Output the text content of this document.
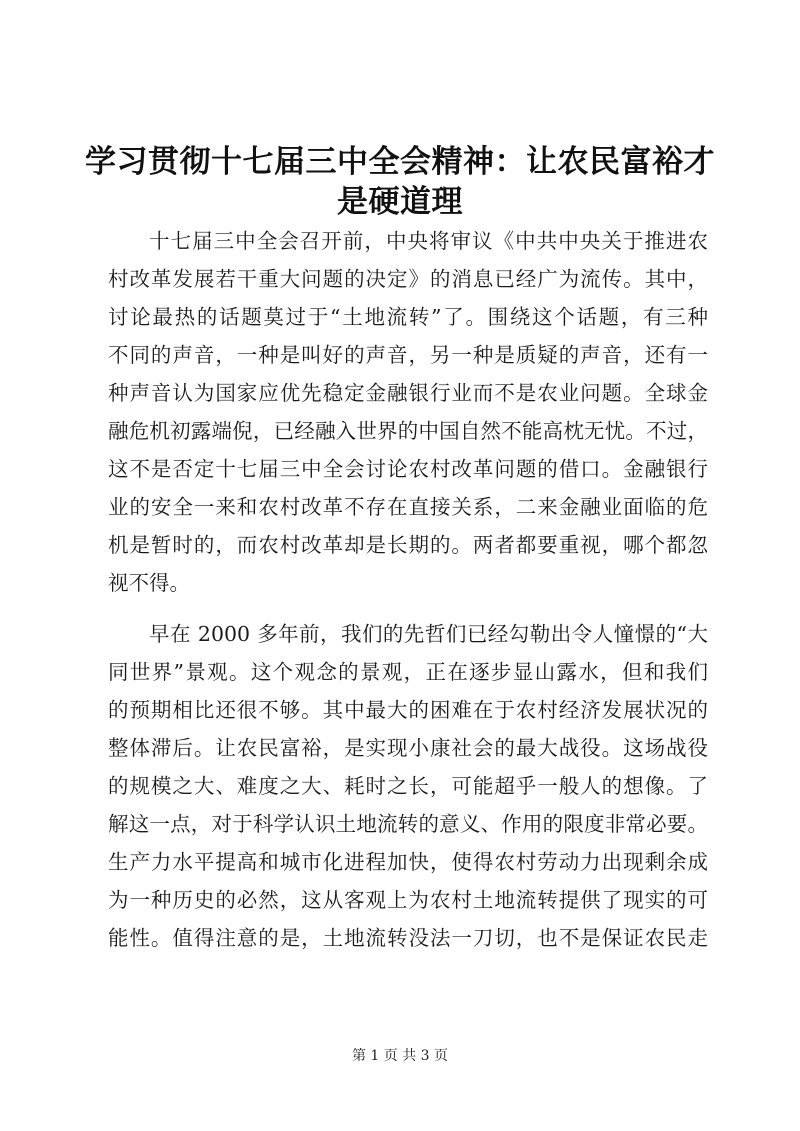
学习贯彻十七届三中全会精神：让农民富裕才
是硬道理
十七届三中全会召开前，中央将审议《中共中央关于推进农
村改革发展若干重大问题的决定》的消息已经广为流传。其中，
讨论最热的话题莫过于“土地流转”了。围绕这个话题，有三种
不同的声音，一种是叫好的声音，另一种是质疑的声音，还有一
种声音认为国家应优先稳定金融银行业而不是农业问题。全球金
融危机初露端倪，已经融入世界的中国自然不能高枕无忧。不过，
这不是否定十七届三中全会讨论农村改革问题的借口。金融银行
业的安全一来和农村改革不存在直接关系，二来金融业面临的危
机是暂时的，而农村改革却是长期的。两者都要重视，哪个都忽
视不得。
早在 2000 多年前，我们的先哲们已经勾勒出令人憧憬的“大
同世界”景观。这个观念的景观，正在逐步显山露水，但和我们
的预期相比还很不够。其中最大的困难在于农村经济发展状况的
整体滞后。让农民富裕，是实现小康社会的最大战役。这场战役
的规模之大、难度之大、耗时之长，可能超乎一般人的想像。了
解这一点，对于科学认识土地流转的意义、作用的限度非常必要。
生产力水平提高和城市化进程加快，使得农村劳动力出现剩余成
为一种历史的必然，这从客观上为农村土地流转提供了现实的可
能性。值得注意的是，土地流转没法一刀切，也不是保证农民走
第 1 页 共 3 页
